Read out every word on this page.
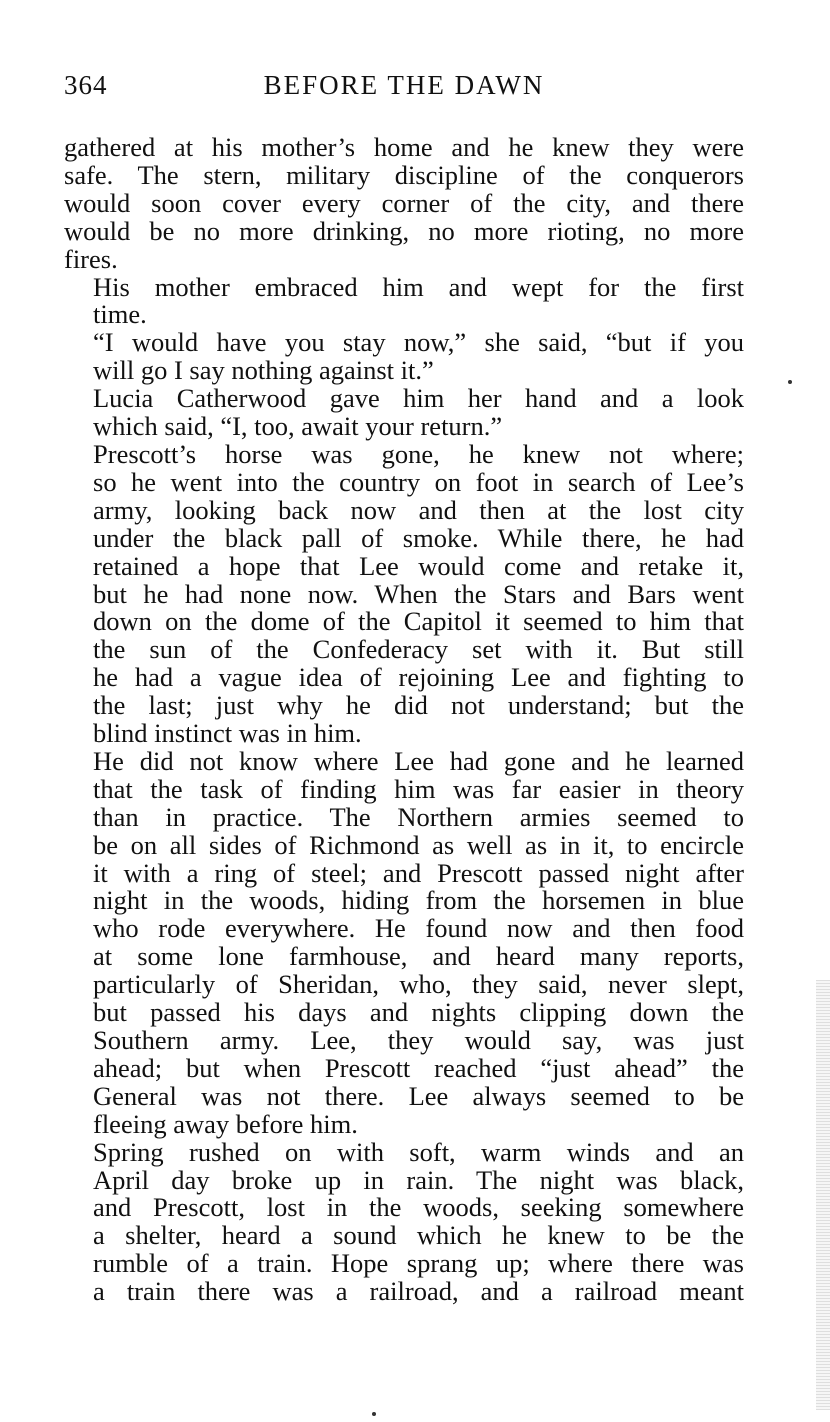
364	BEFORE THE DAWN

gathered at his mother’s home and he knew they were
safe. The stern, military discipline of the conquerors
would soon cover every corner of the city, and there
would be no more drinking, no more rioting, no more
fires.

His mother embraced him and wept for the first
time.

“I would have you stay now,” she said, “but if you
will go I say nothing against it.”

Lucia Catherwood gave him her hand and a look
which said, “I, too, await your return.”

Prescott’s horse was gone, he knew not where;
so he went into the country on foot in search of Lee’s
army, looking back now and then at the lost city
under the black pall of smoke. While there, he had
retained a hope that Lee would come and retake it,
but he had none now. When the Stars and Bars went
down on the dome of the Capitol it seemed to him that
the sun of the Confederacy set with it. But still
he had a vague idea of rejoining Lee and fighting to
the last; just why he did not understand; but the
blind instinct was in him.

He did not know where Lee had gone and he learned
that the task of finding him was far easier in theory
than in practice. The Northern armies seemed to
be on all sides of Richmond as well as in it, to encircle
it with a ring of steel; and Prescott passed night after
night in the woods, hiding from the horsemen in blue
who rode everywhere. He found now and then food
at some lone farmhouse, and heard many reports,
particularly of Sheridan, who, they said, never slept,
but passed his days and nights clipping down the
Southern army. Lee, they would say, was just
ahead; but when Prescott reached “just ahead” the
General was not there. Lee always seemed to be
fleeing away before him.

Spring rushed on with soft, warm winds and an
April day broke up in rain. The night was black,
and Prescott, lost in the woods, seeking somewhere
a shelter, heard a sound which he knew to be the
rumble of a train. Hope sprang up; where there was
a train there was a railroad, and a railroad meant
